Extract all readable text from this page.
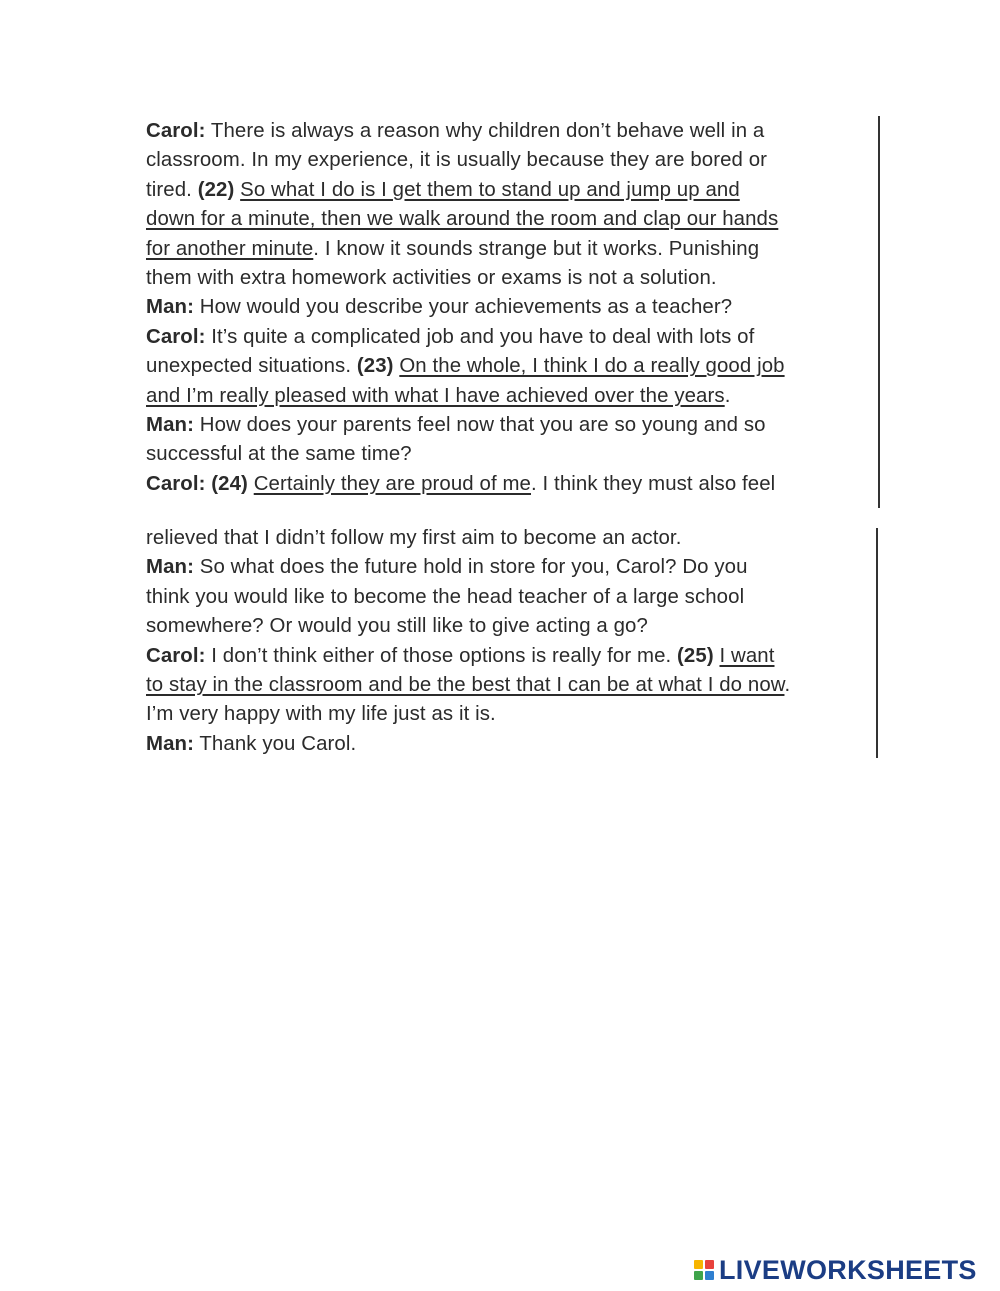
Carol: There is always a reason why children don’t behave well in a
classroom. In my experience, it is usually because they are bored or
tired. (22) So what I do is I get them to stand up and jump up and
down for a minute, then we walk around the room and clap our hands
for another minute. I know it sounds strange but it works. Punishing
them with extra homework activities or exams is not a solution.
Man: How would you describe your achievements as a teacher?
Carol: It’s quite a complicated job and you have to deal with lots of
unexpected situations. (23) On the whole, I think I do a really good job
and I’m really pleased with what I have achieved over the years.
Man: How does your parents feel now that you are so young and so
successful at the same time?
Carol: (24) Certainly they are proud of me. I think they must also feel
relieved that I didn’t follow my first aim to become an actor.
Man: So what does the future hold in store for you, Carol? Do you
think you would like to become the head teacher of a large school
somewhere? Or would you still like to give acting a go?
Carol: I don’t think either of those options is really for me. (25) I want
to stay in the classroom and be the best that I can be at what I do now.
I’m very happy with my life just as it is.
Man: Thank you Carol.
LIVEWORKSHEETS
